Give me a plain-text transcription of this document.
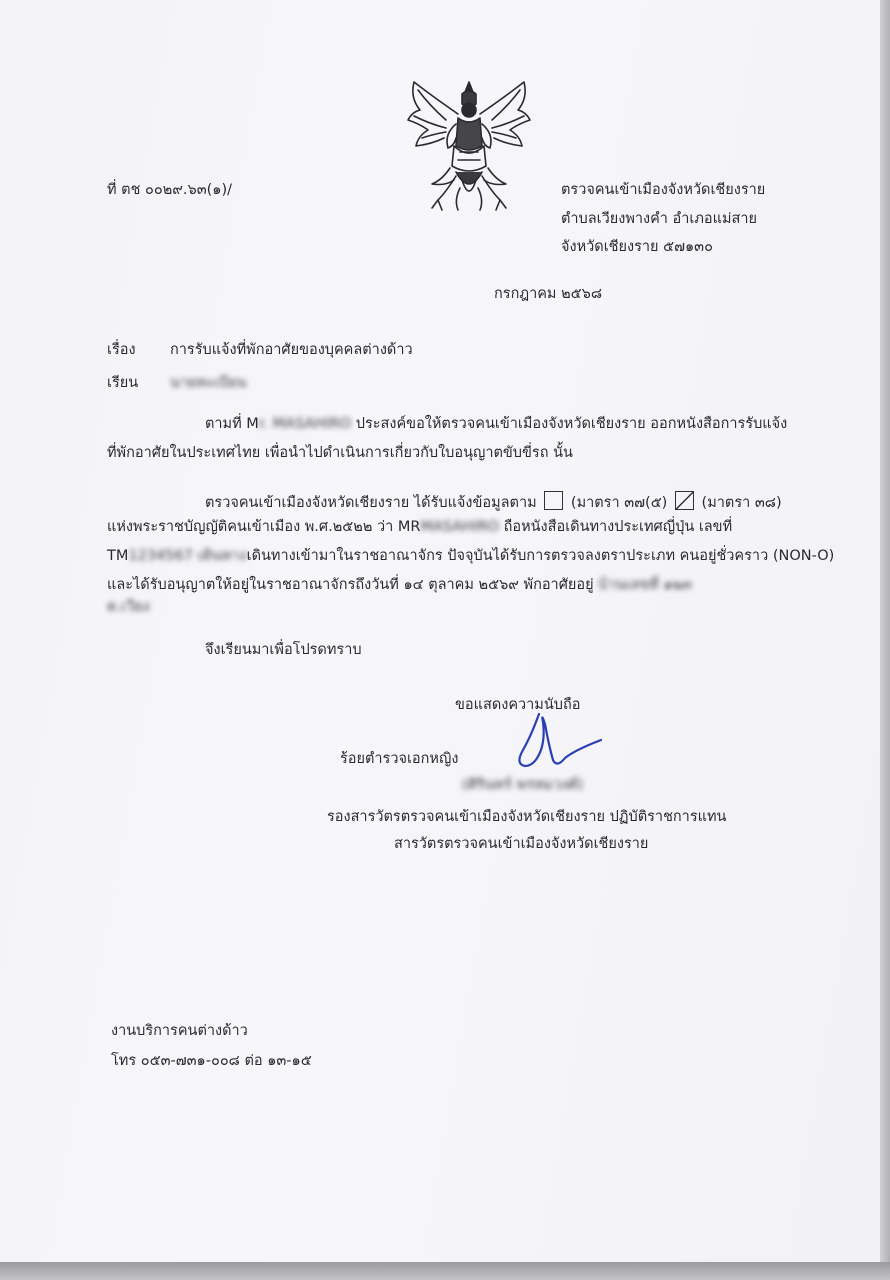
ที่ ตช ๐๐๒๙.๖๓(๑)/	ตรวจคนเข้าเมืองจังหวัดเชียงราย
ตำบลเวียงพางคำ อำเภอแม่สาย
จังหวัดเชียงราย ๕๗๑๓๐
กรกฎาคม ๒๕๖๘
เรื่อง การรับแจ้งที่พักอาศัยของบุคคลต่างด้าว
เรียน นายทะเบียน
ตามที่ Mr. MASAHIRO ประสงค์ขอให้ตรวจคนเข้าเมืองจังหวัดเชียงราย ออกหนังสือการรับแจ้ง
ที่พักอาศัยในประเทศไทย เพื่อนำไปดำเนินการเกี่ยวกับใบอนุญาตขับขี่รถ นั้น
ตรวจคนเข้าเมืองจังหวัดเชียงราย ได้รับแจ้งข้อมูลตาม (มาตรา ๓๗(๕) (มาตรา ๓๘)
แห่งพระราชบัญญัติคนเข้าเมือง พ.ศ.๒๕๒๒ ว่า MRMASAHIRO ถือหนังสือเดินทางประเทศญี่ปุ่น เลขที่
TM1234567 เดินทางเดินทางเข้ามาในราชอาณาจักร ปัจจุบันได้รับการตรวจลงตราประเภท คนอยู่ชั่วคราว (NON-O)
และได้รับอนุญาตให้อยู่ในราชอาณาจักรถึงวันที่ ๑๔ ตุลาคม ๒๕๖๙ พักอาศัยอยู่ บ้านเลขที่ ๑๒๓
ต.เวียง
จึงเรียนมาเพื่อโปรดทราบ
ขอแสดงความนับถือ
ร้อยตำรวจเอกหญิง
(ศิรินทร์ พรหมวงศ์)
รองสารวัตรตรวจคนเข้าเมืองจังหวัดเชียงราย ปฏิบัติราชการแทน
สารวัตรตรวจคนเข้าเมืองจังหวัดเชียงราย
งานบริการคนต่างด้าว
โทร ๐๕๓-๗๓๑-๐๐๘ ต่อ ๑๓-๑๕
